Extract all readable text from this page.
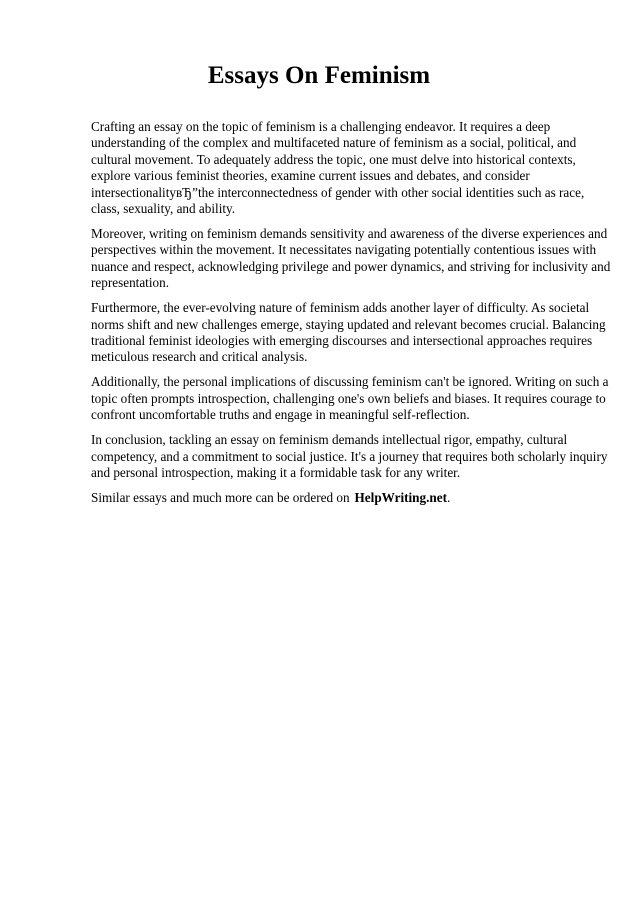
Essays On Feminism

Crafting an essay on the topic of feminism is a challenging endeavor. It requires a deep understanding of the complex and multifaceted nature of feminism as a social, political, and cultural movement. To adequately address the topic, one must delve into historical contexts, explore various feminist theories, examine current issues and debates, and consider intersectionalityвЂ”the interconnectedness of gender with other social identities such as race, class, sexuality, and ability.

Moreover, writing on feminism demands sensitivity and awareness of the diverse experiences and perspectives within the movement. It necessitates navigating potentially contentious issues with nuance and respect, acknowledging privilege and power dynamics, and striving for inclusivity and representation.

Furthermore, the ever-evolving nature of feminism adds another layer of difficulty. As societal norms shift and new challenges emerge, staying updated and relevant becomes crucial. Balancing traditional feminist ideologies with emerging discourses and intersectional approaches requires meticulous research and critical analysis.

Additionally, the personal implications of discussing feminism can't be ignored. Writing on such a topic often prompts introspection, challenging one's own beliefs and biases. It requires courage to confront uncomfortable truths and engage in meaningful self-reflection.

In conclusion, tackling an essay on feminism demands intellectual rigor, empathy, cultural competency, and a commitment to social justice. It's a journey that requires both scholarly inquiry and personal introspection, making it a formidable task for any writer.

Similar essays and much more can be ordered on HelpWriting.net.
